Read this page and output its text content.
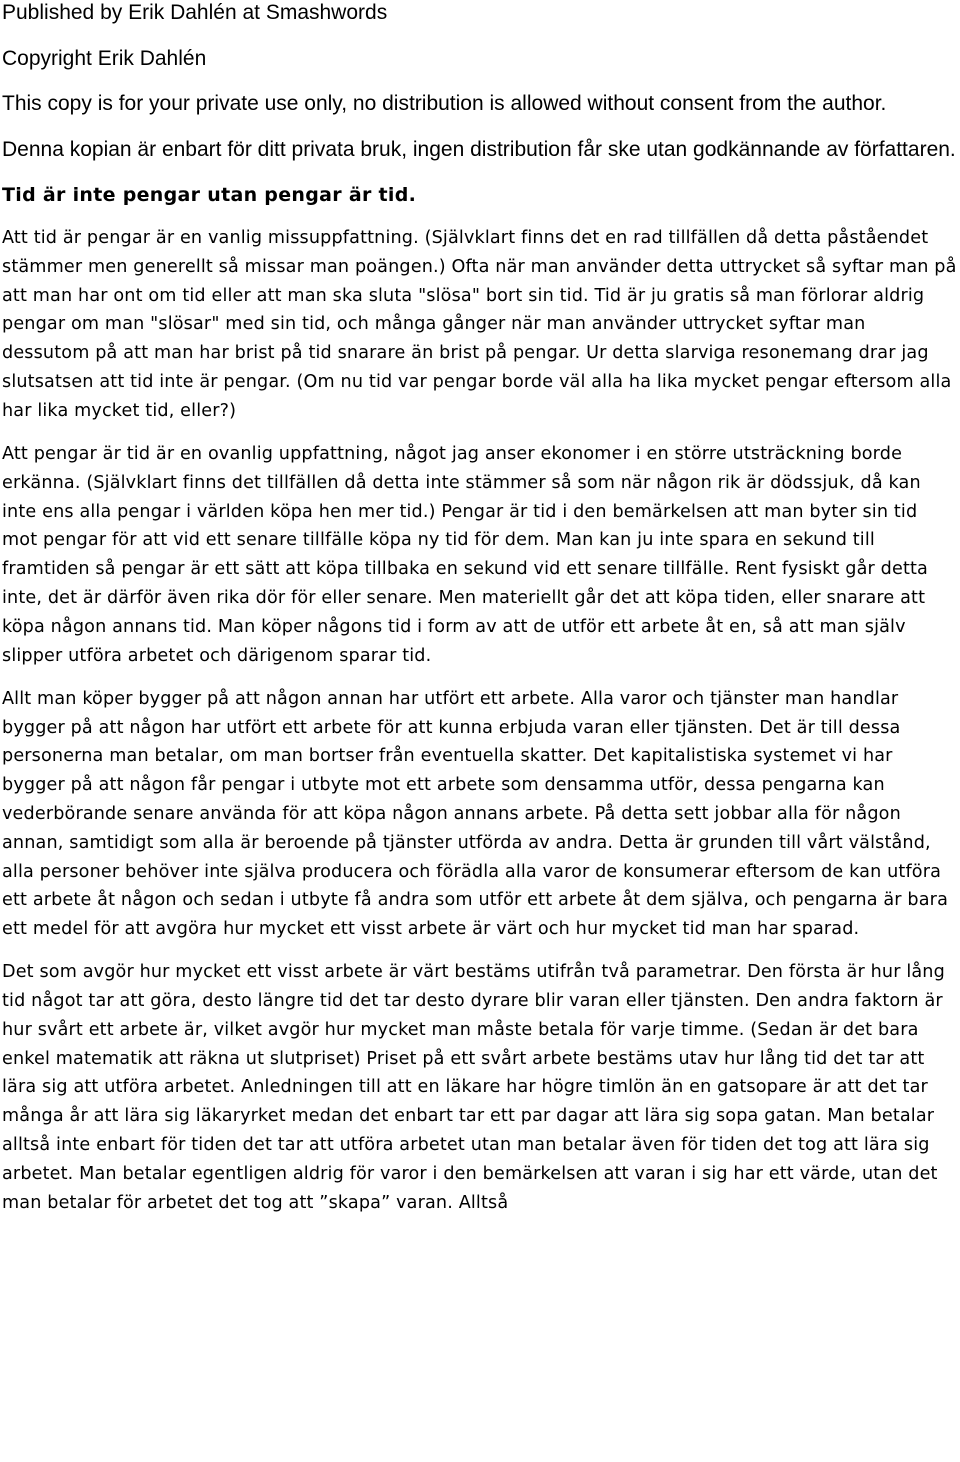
Published by Erik Dahlén at Smashwords

Copyright Erik Dahlén

This copy is for your private use only, no distribution is allowed without consent from the author.

Denna kopian är enbart för ditt privata bruk, ingen distribution får ske utan godkännande av författaren.

Tid är inte pengar utan pengar är tid.

Att tid är pengar är en vanlig missuppfattning. (Självklart finns det en rad tillfällen då detta påståendet stämmer men generellt så missar man poängen.) Ofta när man använder detta uttrycket så syftar man på att man har ont om tid eller att man ska sluta "slösa" bort sin tid. Tid är ju gratis så man förlorar aldrig pengar om man "slösar" med sin tid, och många gånger när man använder uttrycket syftar man dessutom på att man har brist på tid snarare än brist på pengar. Ur detta slarviga resonemang drar jag slutsatsen att tid inte är pengar. (Om nu tid var pengar borde väl alla ha lika mycket pengar eftersom alla har lika mycket tid, eller?)

Att pengar är tid är en ovanlig uppfattning, något jag anser ekonomer i en större utsträckning borde erkänna. (Självklart finns det tillfällen då detta inte stämmer så som när någon rik är dödssjuk, då kan inte ens alla pengar i världen köpa hen mer tid.) Pengar är tid i den bemärkelsen att man byter sin tid mot pengar för att vid ett senare tillfälle köpa ny tid för dem. Man kan ju inte spara en sekund till framtiden så pengar är ett sätt att köpa tillbaka en sekund vid ett senare tillfälle. Rent fysiskt går detta inte, det är därför även rika dör för eller senare. Men materiellt går det att köpa tiden, eller snarare att köpa någon annans tid. Man köper någons tid i form av att de utför ett arbete åt en, så att man själv slipper utföra arbetet och därigenom sparar tid.

Allt man köper bygger på att någon annan har utfört ett arbete. Alla varor och tjänster man handlar bygger på att någon har utfört ett arbete för att kunna erbjuda varan eller tjänsten. Det är till dessa personerna man betalar, om man bortser från eventuella skatter. Det kapitalistiska systemet vi har bygger på att någon får pengar i utbyte mot ett arbete som densamma utför, dessa pengarna kan vederbörande senare använda för att köpa någon annans arbete. På detta sett jobbar alla för någon annan, samtidigt som alla är beroende på tjänster utförda av andra. Detta är grunden till vårt välstånd, alla personer behöver inte själva producera och förädla alla varor de konsumerar eftersom de kan utföra ett arbete åt någon och sedan i utbyte få andra som utför ett arbete åt dem själva, och pengarna är bara ett medel för att avgöra hur mycket ett visst arbete är värt och hur mycket tid man har sparad.

Det som avgör hur mycket ett visst arbete är värt bestäms utifrån två parametrar. Den första är hur lång tid något tar att göra, desto längre tid det tar desto dyrare blir varan eller tjänsten. Den andra faktorn är hur svårt ett arbete är, vilket avgör hur mycket man måste betala för varje timme. (Sedan är det bara enkel matematik att räkna ut slutpriset) Priset på ett svårt arbete bestäms utav hur lång tid det tar att lära sig att utföra arbetet. Anledningen till att en läkare har högre timlön än en gatsopare är att det tar många år att lära sig läkaryrket medan det enbart tar ett par dagar att lära sig sopa gatan. Man betalar alltså inte enbart för tiden det tar att utföra arbetet utan man betalar även för tiden det tog att lära sig arbetet. Man betalar egentligen aldrig för varor i den bemärkelsen att varan i sig har ett värde, utan det man betalar för arbetet det tog att ”skapa” varan. Alltså
